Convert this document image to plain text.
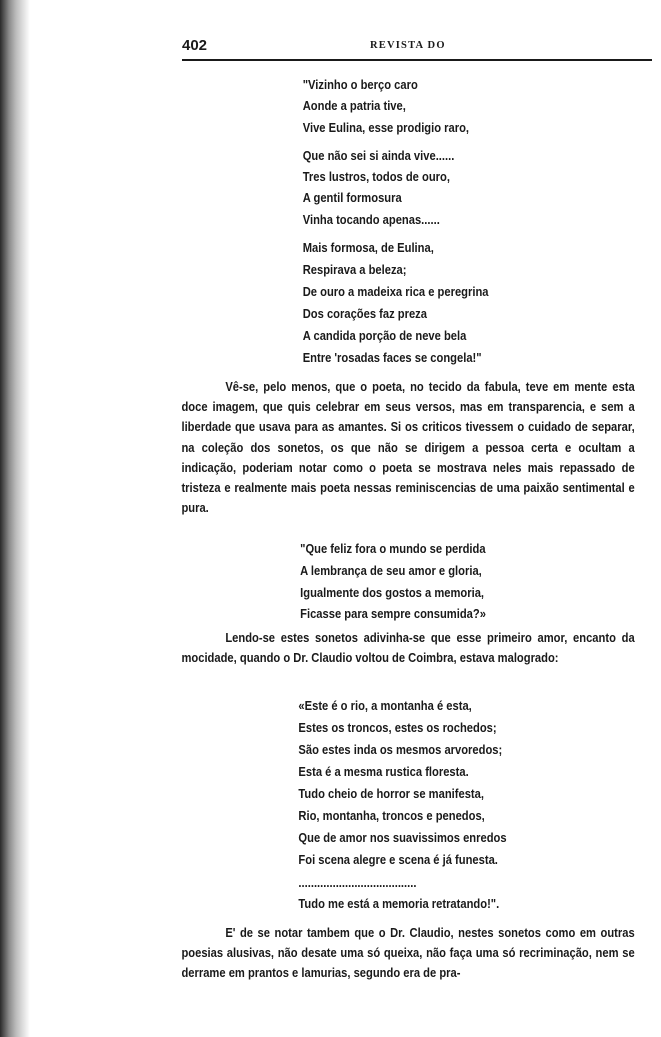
402	REVISTA DO
"Vizinho o berço caro
Aonde a patria tive,
Vive Eulina, esse prodigio raro,
Que não sei si ainda vive......
Tres lustros, todos de ouro,
A gentil formosura
Vinha tocando apenas......
Mais formosa, de Eulina,
Respirava a beleza;
De ouro a madeixa rica e peregrina
Dos corações faz preza
A candida porção de neve bela
Entre 'rosadas faces se congela!"
Vê-se, pelo menos, que o poeta, no tecido da fabula, teve em mente esta doce imagem, que quis celebrar em seus versos, mas em transparencia, e sem a liberdade que usava para as amantes. Si os criticos tivessem o cuidado de separar, na coleção dos sonetos, os que não se dirigem a pessoa certa e ocultam a indicação, poderiam notar como o poeta se mostrava neles mais repassado de tristeza e realmente mais poeta nessas reminiscencias de uma paixão sentimental e pura.
"Que feliz fora o mundo se perdida
A lembrança de seu amor e gloria,
Igualmente dos gostos a memoria,
Ficasse para sempre consumida?»
Lendo-se estes sonetos adivinha-se que esse primeiro amor, encanto da mocidade, quando o Dr. Claudio voltou de Coimbra, estava malogrado:
«Este é o rio, a montanha é esta,
Estes os troncos, estes os rochedos;
São estes inda os mesmos arvoredos;
Esta é a mesma rustica floresta.
Tudo cheio de horror se manifesta,
Rio, montanha, troncos e penedos,
Que de amor nos suavissimos enredos
Foi scena alegre e scena é já funesta.
......................................
Tudo me está a memoria retratando!".
E' de se notar tambem que o Dr. Claudio, nestes sonetos como em outras poesias alusivas, não desate uma só queixa, não faça uma só recriminação, nem se derrame em prantos e lamurias, segundo era de pra-
